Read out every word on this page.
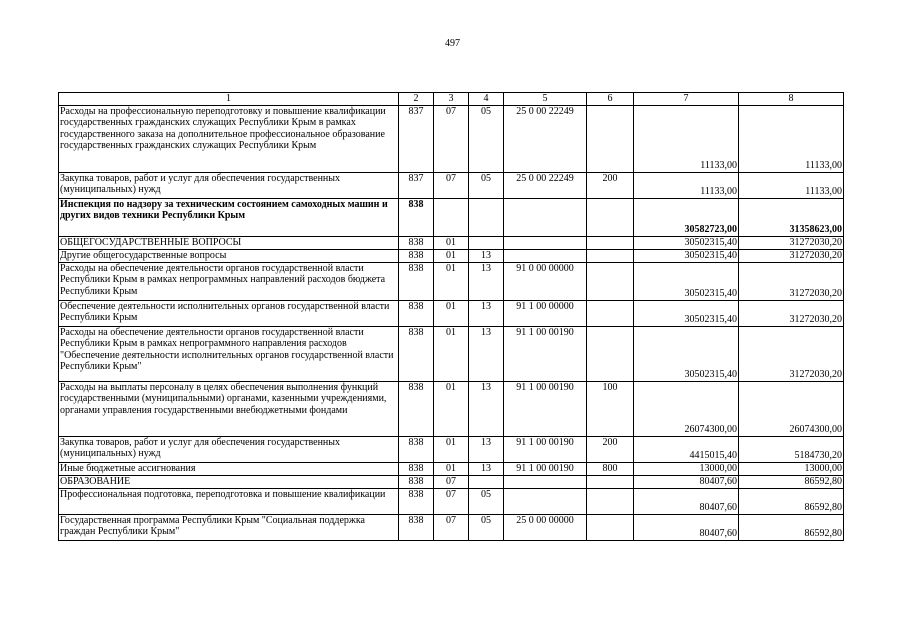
497
1	2	3	4	5	6	7	8
Расходы на профессиональную переподготовку и повышение квалификации государственных гражданских служащих Республики Крым в рамках государственного заказа на дополнительное профессиональное образование государственных гражданских служащих Республики Крым	837	07	05	25 0 00 22249		11133,00	11133,00
Закупка товаров, работ и услуг для обеспечения государственных (муниципальных) нужд	837	07	05	25 0 00 22249	200	11133,00	11133,00
Инспекция по надзору за техническим состоянием самоходных машин и других видов техники Республики Крым	838					30582723,00	31358623,00
ОБЩЕГОСУДАРСТВЕННЫЕ ВОПРОСЫ	838	01				30502315,40	31272030,20
Другие общегосударственные вопросы	838	01	13			30502315,40	31272030,20
Расходы на обеспечение деятельности органов государственной власти Республики Крым в рамках непрограммных направлений расходов бюджета Республики Крым	838	01	13	91 0 00 00000		30502315,40	31272030,20
Обеспечение деятельности исполнительных органов государственной власти Республики Крым	838	01	13	91 1 00 00000		30502315,40	31272030,20
Расходы на обеспечение деятельности органов государственной власти Республики Крым в рамках непрограммного направления расходов "Обеспечение деятельности исполнительных органов государственной власти Республики Крым"	838	01	13	91 1 00 00190		30502315,40	31272030,20
Расходы на выплаты персоналу в целях обеспечения выполнения функций государственными (муниципальными) органами, казенными учреждениями, органами управления государственными внебюджетными фондами	838	01	13	91 1 00 00190	100	26074300,00	26074300,00
Закупка товаров, работ и услуг для обеспечения государственных (муниципальных) нужд	838	01	13	91 1 00 00190	200	4415015,40	5184730,20
Иные бюджетные ассигнования	838	01	13	91 1 00 00190	800	13000,00	13000,00
ОБРАЗОВАНИЕ	838	07				80407,60	86592,80
Профессиональная подготовка, переподготовка и повышение квалификации	838	07	05			80407,60	86592,80
Государственная программа Республики Крым "Социальная поддержка граждан Республики Крым"	838	07	05	25 0 00 00000		80407,60	86592,80
